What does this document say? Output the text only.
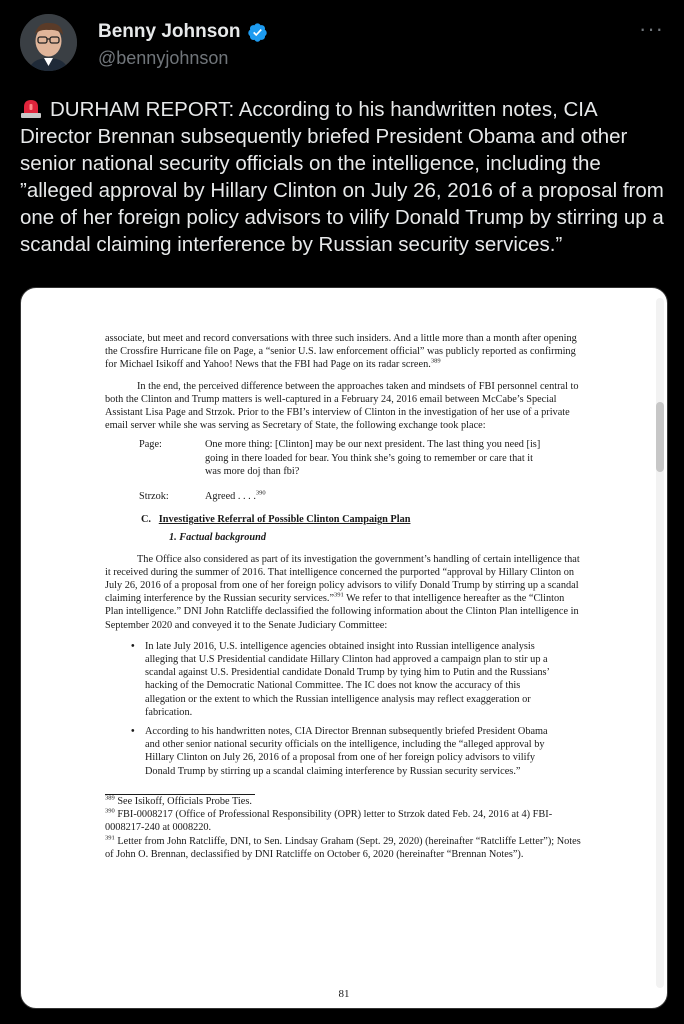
Benny Johnson
@bennyjohnson
···
DURHAM REPORT: According to his handwritten notes, CIA Director Brennan subsequently briefed President Obama and other senior national security officials on the intelligence, including the ”alleged approval by Hillary Clinton on July 26, 2016 of a proposal from one of her foreign policy advisors to vilify Donald Trump by stirring up a scandal claiming interference by Russian security services.”

associate, but meet and record conversations with three such insiders. And a little more than a month after opening the Crossfire Hurricane file on Page, a “senior U.S. law enforcement official” was publicly reported as confirming for Michael Isikoff and Yahoo! News that the FBI had Page on its radar screen.$^{389}$

In the end, the perceived difference between the approaches taken and mindsets of FBI personnel central to both the Clinton and Trump matters is well-captured in a February 24, 2016 email between McCabe’s Special Assistant Lisa Page and Strzok. Prior to the FBI’s interview of Clinton in the investigation of her use of a private email server while she was serving as Secretary of State, the following exchange took place:

Page:	One more thing: [Clinton] may be our next president. The last thing you need [is] going in there loaded for bear. You think she’s going to remember or care that it was more doj than fbi?
Strzok:	Agreed . . . .$^{390}$
C. Investigative Referral of Possible Clinton Campaign Plan
1. Factual background

The Office also considered as part of its investigation the government’s handling of certain intelligence that it received during the summer of 2016. That intelligence concerned the purported “approval by Hillary Clinton on July 26, 2016 of a proposal from one of her foreign policy advisors to vilify Donald Trump by stirring up a scandal claiming interference by the Russian security services.”$^{391}$ We refer to that intelligence hereafter as the “Clinton Plan intelligence.” DNI John Ratcliffe declassified the following information about the Clinton Plan intelligence in September 2020 and conveyed it to the Senate Judiciary Committee:

•	In late July 2016, U.S. intelligence agencies obtained insight into Russian intelligence analysis alleging that U.S Presidential candidate Hillary Clinton had approved a campaign plan to stir up a scandal against U.S. Presidential candidate Donald Trump by tying him to Putin and the Russians’ hacking of the Democratic National Committee. The IC does not know the accuracy of this allegation or the extent to which the Russian intelligence analysis may reflect exaggeration or fabrication.
•	According to his handwritten notes, CIA Director Brennan subsequently briefed President Obama and other senior national security officials on the intelligence, including the “alleged approval by Hillary Clinton on July 26, 2016 of a proposal from one of her foreign policy advisors to vilify Donald Trump by stirring up a scandal claiming interference by Russian security services.”

$^{389}$ See Isikoff, Officials Probe Ties.

$^{390}$ FBI-0008217 (Office of Professional Responsibility (OPR) letter to Strzok dated Feb. 24, 2016 at 4) FBI-0008217-240 at 0008220.

$^{391}$ Letter from John Ratcliffe, DNI, to Sen. Lindsay Graham (Sept. 29, 2020) (hereinafter “Ratcliffe Letter”); Notes of John O. Brennan, declassified by DNI Ratcliffe on October 6, 2020 (hereinafter “Brennan Notes”).

81
